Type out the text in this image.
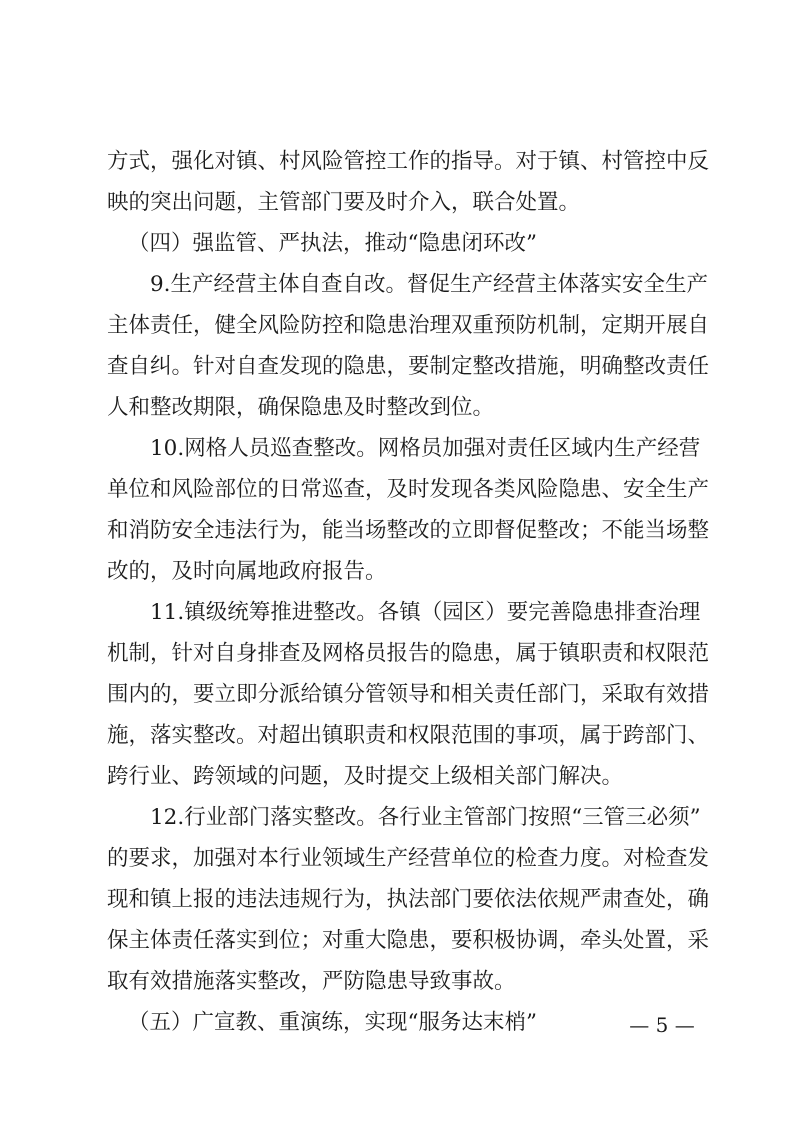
方式，强化对镇、村风险管控工作的指导。对于镇、村管控中反
映的突出问题，主管部门要及时介入，联合处置。
（四）强监管、严执法，推动“隐患闭环改”
9.生产经营主体自查自改。督促生产经营主体落实安全生产
主体责任，健全风险防控和隐患治理双重预防机制，定期开展自
查自纠。针对自查发现的隐患，要制定整改措施，明确整改责任
人和整改期限，确保隐患及时整改到位。
10.网格人员巡查整改。网格员加强对责任区域内生产经营
单位和风险部位的日常巡查，及时发现各类风险隐患、安全生产
和消防安全违法行为，能当场整改的立即督促整改；不能当场整
改的，及时向属地政府报告。
11.镇级统筹推进整改。各镇（园区）要完善隐患排查治理
机制，针对自身排查及网格员报告的隐患，属于镇职责和权限范
围内的，要立即分派给镇分管领导和相关责任部门，采取有效措
施，落实整改。对超出镇职责和权限范围的事项，属于跨部门、
跨行业、跨领域的问题，及时提交上级相关部门解决。
12.行业部门落实整改。各行业主管部门按照“三管三必须”
的要求，加强对本行业领域生产经营单位的检查力度。对检查发
现和镇上报的违法违规行为，执法部门要依法依规严肃查处，确
保主体责任落实到位；对重大隐患，要积极协调，牵头处置，采
取有效措施落实整改，严防隐患导致事故。
（五）广宣教、重演练，实现“服务达末梢”	— 5 —
